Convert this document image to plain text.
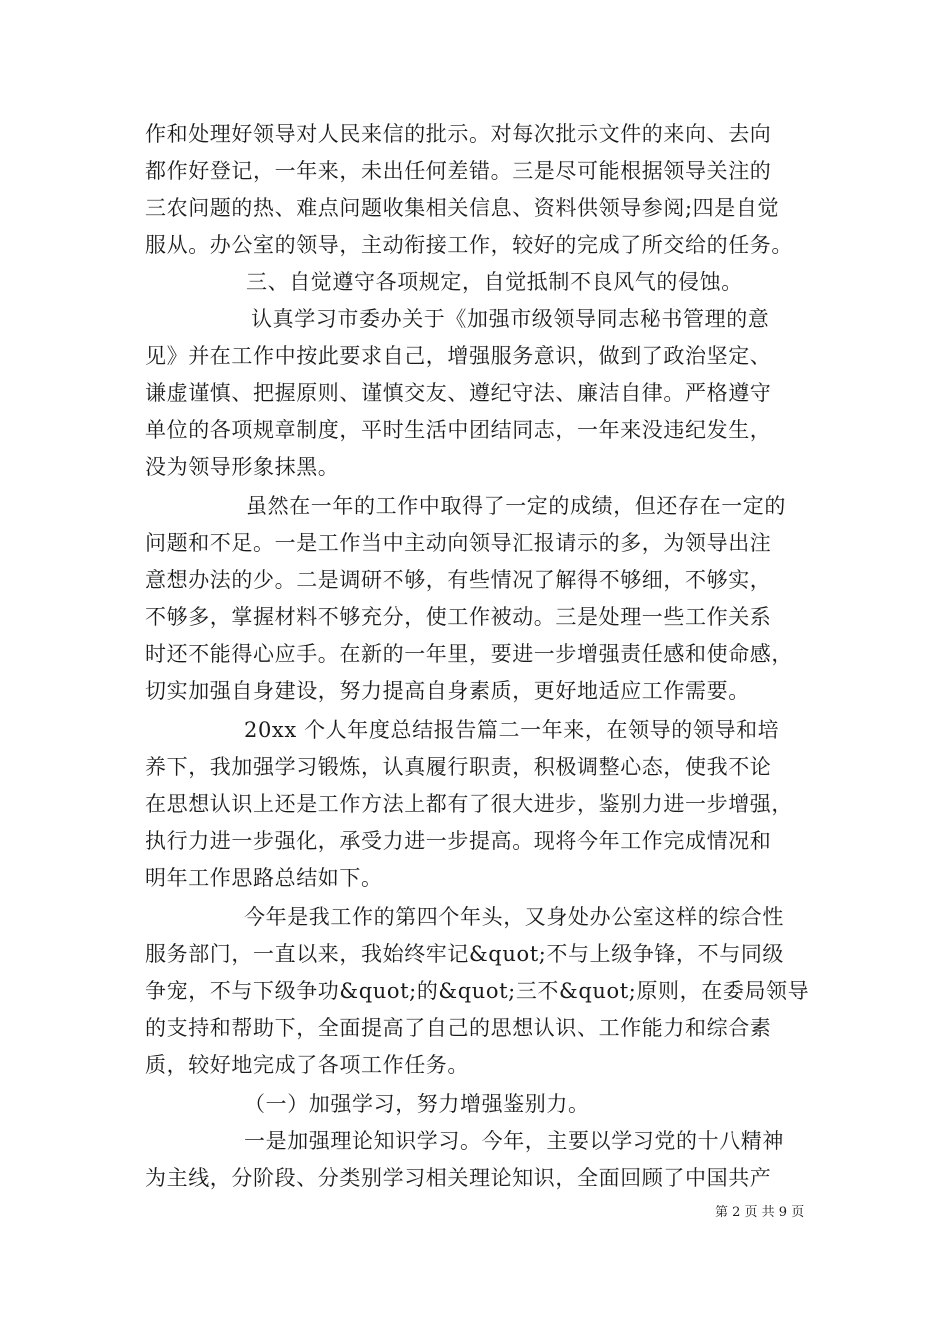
作和处理好领导对人民来信的批示。对每次批示文件的来向、去向
都作好登记，一年来，未出任何差错。三是尽可能根据领导关注的
三农问题的热、难点问题收集相关信息、资料供领导参阅;四是自觉
服从。办公室的领导，主动衔接工作，较好的完成了所交给的任务。
三、自觉遵守各项规定，自觉抵制不良风气的侵蚀。
认真学习市委办关于《加强市级领导同志秘书管理的意
见》并在工作中按此要求自己，增强服务意识，做到了政治坚定、
谦虚谨慎、把握原则、谨慎交友、遵纪守法、廉洁自律。严格遵守
单位的各项规章制度，平时生活中团结同志，一年来没违纪发生，
没为领导形象抹黑。
虽然在一年的工作中取得了一定的成绩，但还存在一定的
问题和不足。一是工作当中主动向领导汇报请示的多，为领导出注
意想办法的少。二是调研不够，有些情况了解得不够细，不够实，
不够多，掌握材料不够充分，使工作被动。三是处理一些工作关系
时还不能得心应手。在新的一年里，要进一步增强责任感和使命感，
切实加强自身建设，努力提高自身素质，更好地适应工作需要。
20xx 个人年度总结报告篇二一年来，在领导的领导和培
养下，我加强学习锻炼，认真履行职责，积极调整心态，使我不论
在思想认识上还是工作方法上都有了很大进步，鉴别力进一步增强，
执行力进一步强化，承受力进一步提高。现将今年工作完成情况和
明年工作思路总结如下。
今年是我工作的第四个年头，又身处办公室这样的综合性
服务部门，一直以来，我始终牢记&quot;不与上级争锋，不与同级
争宠，不与下级争功&quot;的&quot;三不&quot;原则，在委局领导
的支持和帮助下，全面提高了自己的思想认识、工作能力和综合素
质，较好地完成了各项工作任务。
（一）加强学习，努力增强鉴别力。
一是加强理论知识学习。今年，主要以学习党的十八精神
为主线，分阶段、分类别学习相关理论知识，全面回顾了中国共产
第 2 页 共 9 页
